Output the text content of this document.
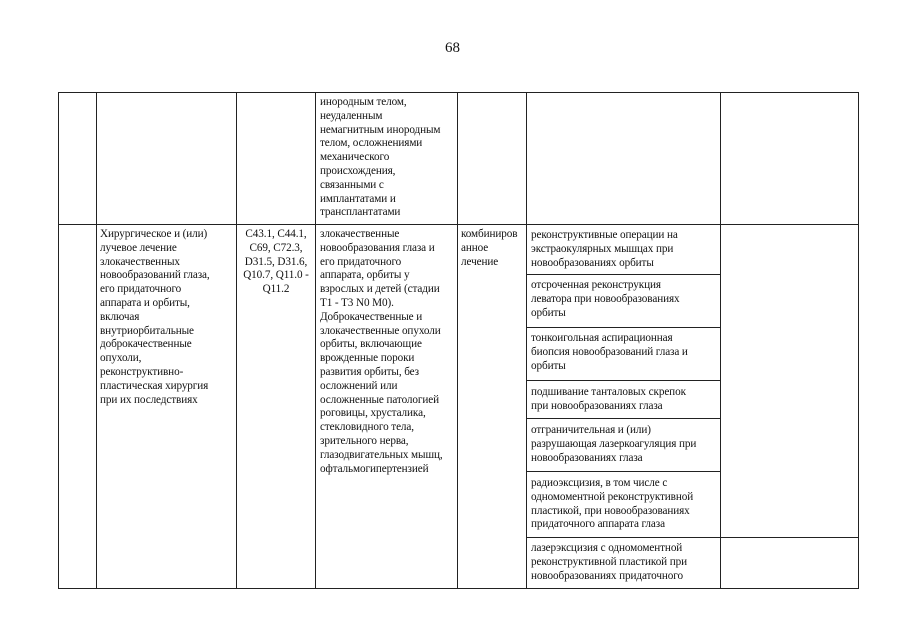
68
инородным телом,
неудаленным
немагнитным инородным
телом, осложнениями
механического
происхождения,
связанными с
имплантатами и
трансплантатами
Хирургическое и (или)
лучевое лечение
злокачественных
новообразований глаза,
его придаточного
аппарата и орбиты,
включая
внутриорбитальные
доброкачественные
опухоли,
реконструктивно-
пластическая хирургия
при их последствиях
C43.1, C44.1,
C69, C72.3,
D31.5, D31.6,
Q10.7, Q11.0 -
Q11.2
злокачественные
новообразования глаза и
его придаточного
аппарата, орбиты у
взрослых и детей (стадии
T1 - T3 N0 M0).
Доброкачественные и
злокачественные опухоли
орбиты, включающие
врожденные пороки
развития орбиты, без
осложнений или
осложненные патологией
роговицы, хрусталика,
стекловидного тела,
зрительного нерва,
глазодвигательных мышц,
офтальмогипертензией
комбиниров
анное
лечение
реконструктивные операции на
экстраокулярных мышцах при
новообразованиях орбиты
отсроченная реконструкция
леватора при новообразованиях
орбиты
тонкоигольная аспирационная
биопсия новообразований глаза и
орбиты
подшивание танталовых скрепок
при новообразованиях глаза
отграничительная и (или)
разрушающая лазеркоагуляция при
новообразованиях глаза
радиоэксцизия, в том числе с
одномоментной реконструктивной
пластикой, при новообразованиях
придаточного аппарата глаза
лазерэксцизия с одномоментной
реконструктивной пластикой при
новообразованиях придаточного
